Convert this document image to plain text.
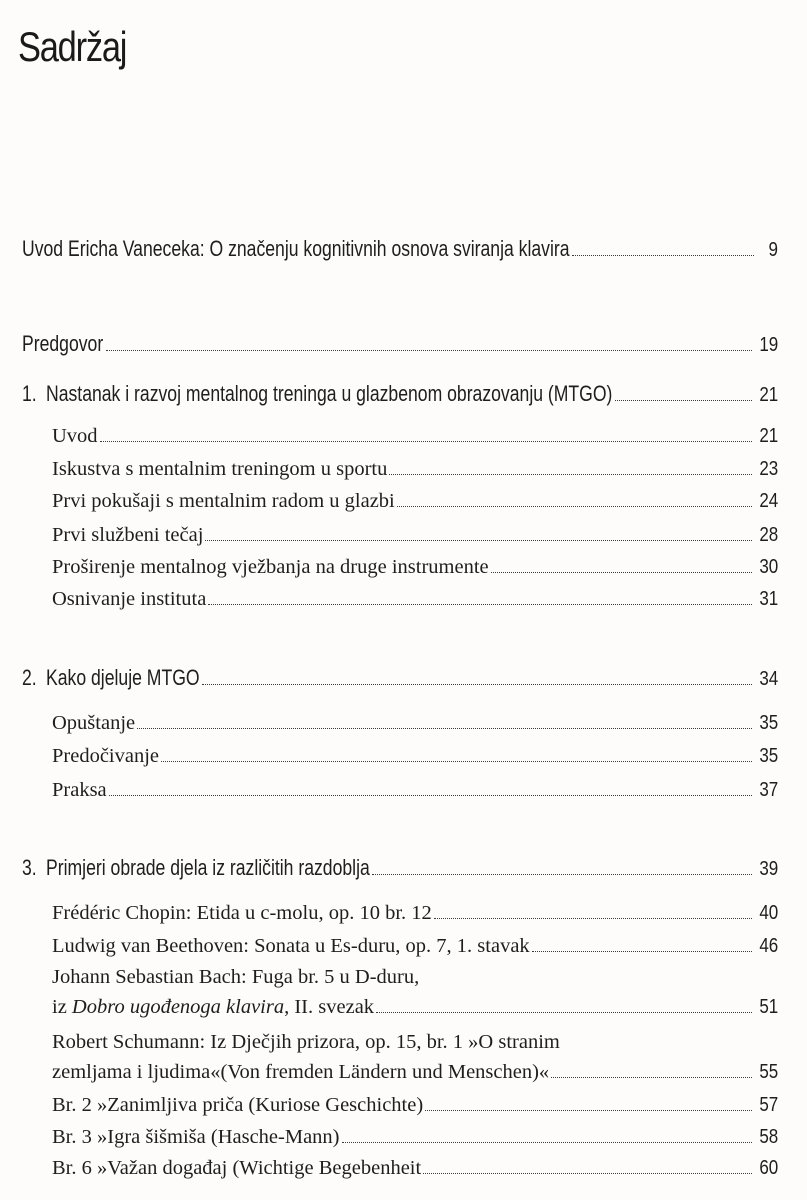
Sadržaj
Uvod Ericha Vaneceka: O značenju kognitivnih osnova sviranja klavira	9
Predgovor	19
1. Nastanak i razvoj mentalnog treninga u glazbenom obrazovanju (MTGO)	21
Uvod	21
Iskustva s mentalnim treningom u sportu	23
Prvi pokušaji s mentalnim radom u glazbi	24
Prvi službeni tečaj	28
Proširenje mentalnog vježbanja na druge instrumente	30
Osnivanje instituta	31
2. Kako djeluje MTGO	34
Opuštanje	35
Predočivanje	35
Praksa	37
3. Primjeri obrade djela iz različitih razdoblja	39
Frédéric Chopin: Etida u c-molu, op. 10 br. 12	40
Ludwig van Beethoven: Sonata u Es-duru, op. 7, 1. stavak	46
Johann Sebastian Bach: Fuga br. 5 u D-duru,
iz Dobro ugođenoga klavira, II. svezak	51
Robert Schumann: Iz Dječjih prizora, op. 15, br. 1 »O stranim
zemljama i ljudima«(Von fremden Ländern und Menschen)«	55
Br. 2 »Zanimljiva priča (Kuriose Geschichte)	57
Br. 3 »Igra šišmiša (Hasche-Mann)	58
Br. 6 »Važan događaj (Wichtige Begebenheit	60
